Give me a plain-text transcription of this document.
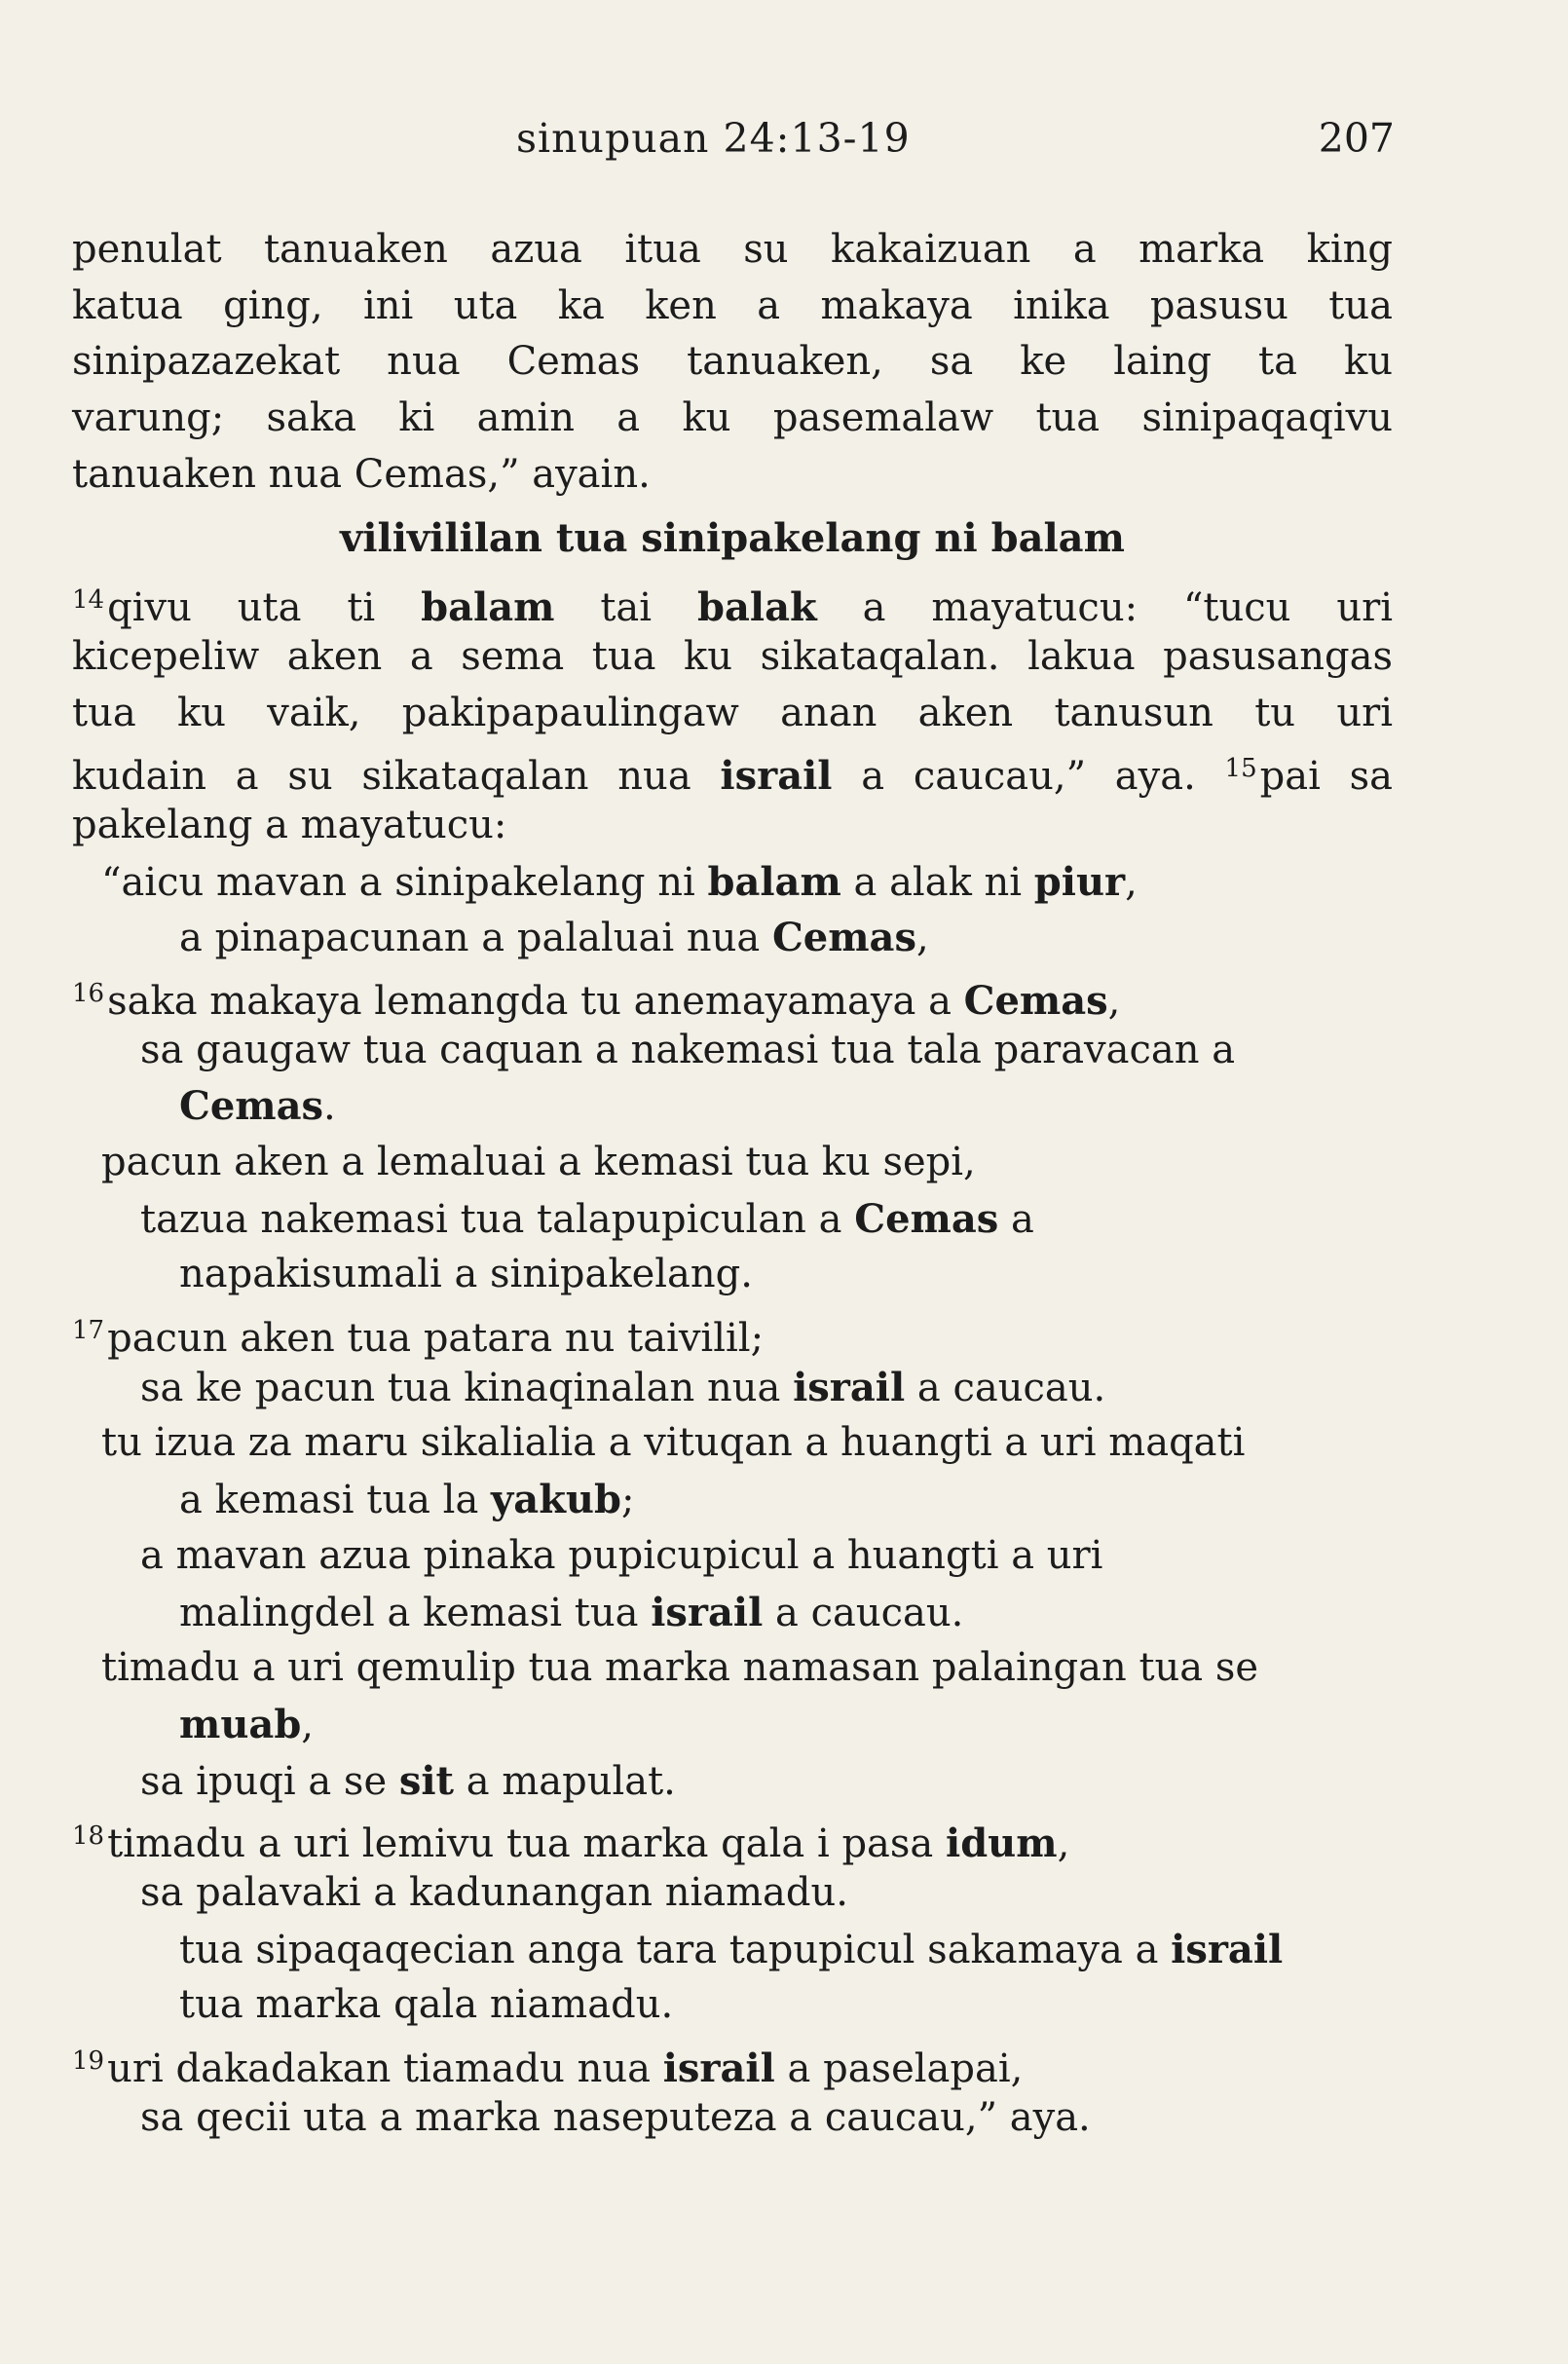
sinupuan 24:13-19	207
penulat tanuaken azua itua su kakaizuan a marka king
katua ging, ini uta ka ken a makaya inika pasusu tua
sinipazazekat nua Cemas tanuaken, sa ke laing ta ku
varung; saka ki amin a ku pasemalaw tua sinipaqaqivu
tanuaken nua Cemas,” ayain.
vilivililan tua sinipakelang ni balam
$^{14}$qivu uta ti balam tai balak a mayatucu: “tucu uri
kicepeliw aken a sema tua ku sikataqalan. lakua pasusangas
tua ku vaik, pakipapaulingaw anan aken tanusun tu uri
kudain a su sikataqalan nua israil a caucau,” aya. $^{15}$pai sa
pakelang a mayatucu:
“aicu mavan a sinipakelang ni balam a alak ni piur,
a pinapacunan a palaluai nua Cemas,
$^{16}$saka makaya lemangda tu anemayamaya a Cemas,
sa gaugaw tua caquan a nakemasi tua tala paravacan a
Cemas.
pacun aken a lemaluai a kemasi tua ku sepi,
tazua nakemasi tua talapupiculan a Cemas a
napakisumali a sinipakelang.
$^{17}$pacun aken tua patara nu taivilil;
sa ke pacun tua kinaqinalan nua israil a caucau.
tu izua za maru sikalialia a vituqan a huangti a uri maqati
a kemasi tua la yakub;
a mavan azua pinaka pupicupicul a huangti a uri
malingdel a kemasi tua israil a caucau.
timadu a uri qemulip tua marka namasan palaingan tua se
muab,
sa ipuqi a se sit a mapulat.
$^{18}$timadu a uri lemivu tua marka qala i pasa idum,
sa palavaki a kadunangan niamadu.
tua sipaqaqecian anga tara tapupicul sakamaya a israil
tua marka qala niamadu.
$^{19}$uri dakadakan tiamadu nua israil a paselapai,
sa qecii uta a marka naseputeza a caucau,” aya.
